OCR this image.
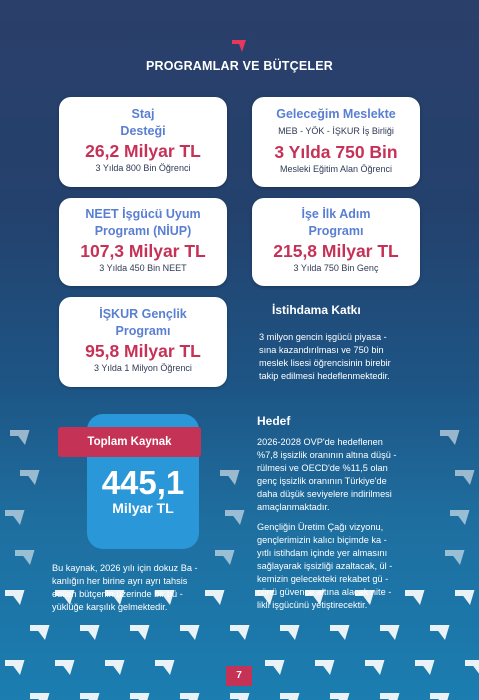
PROGRAMLAR VE BÜTÇELER
Staj
Desteği
26,2 Milyar TL
3 Yılda 800 Bin Öğrenci
Geleceğim Meslekte
MEB - YÖK - İŞKUR İş Birliği
3 Yılda 750 Bin
Mesleki Eğitim Alan Öğrenci
NEET İşgücü Uyum
Programı (NİUP)
107,3 Milyar TL
3 Yılda 450 Bin NEET
İşe İlk Adım
Programı
215,8 Milyar TL
3 Yılda 750 Bin Genç
İŞKUR Gençlik
Programı
95,8 Milyar TL
3 Yılda 1 Milyon Öğrenci
İstihdama Katkı
3 milyon gencin işgücü piyasa -
sına kazandırılması ve 750 bin
meslek lisesi öğrencisinin birebir
takip edilmesi hedeflenmektedir.
Toplam Kaynak
445,1
Milyar TL
Bu kaynak, 2026 yılı için dokuz Ba -
kanlığın her birine ayrı ayrı tahsis
edilen bütçenin üzerinde bir bü -
yüklüğe karşılık gelmektedir.
Hedef
2026-2028 OVP'de hedeflenen
%7,8 işsizlik oranının altına düşü -
rülmesi ve OECD'de %11,5 olan
genç işsizlik oranının Türkiye'de
daha düşük seviyelere indirilmesi
amaçlanmaktadır.
Gençliğin Üretim Çağı vizyonu,
gençlerimizin kalıcı biçimde ka -
yıtlı istihdam içinde yer almasını
sağlayarak işsizliği azaltacak, ül -
kemizin gelecekteki rekabet gü -
cünü güvence altına alacak nite -
likli işgücünü yetiştirecektir.
7
